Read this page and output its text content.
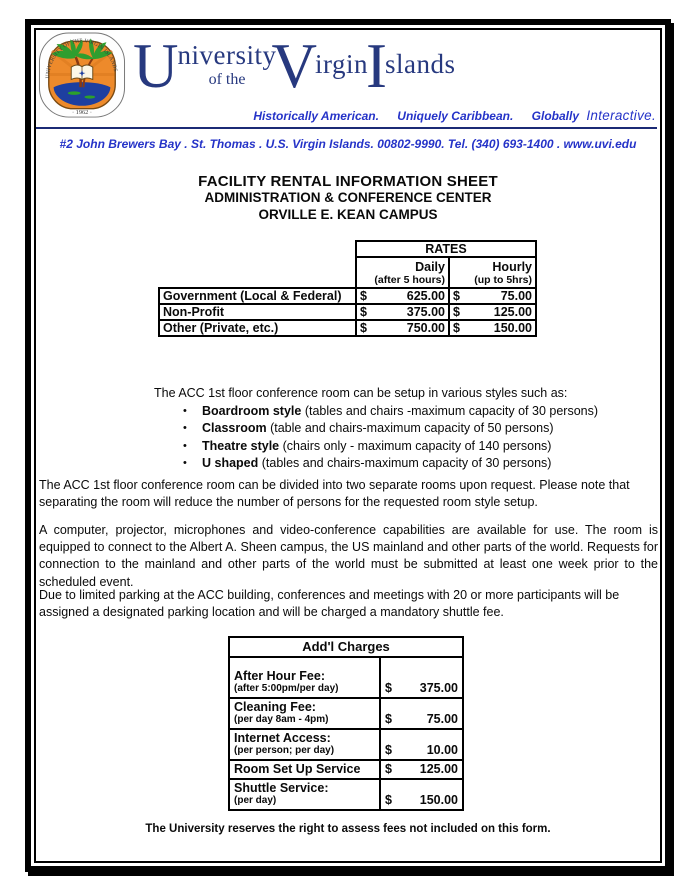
UNIVERSITY OF THE VIRGIN ISLANDS
· 1962 ·
U niversity
of the V
irgin
I
slands
Historically American. Uniquely Caribbean. Globally Interactive.
#2 John Brewers Bay . St. Thomas . U.S. Virgin Islands. 00802-9990. Tel. (340) 693-1400 . www.uvi.edu
FACILITY RENTAL INFORMATION SHEET
ADMINISTRATION & CONFERENCE CENTER
ORVILLE E. KEAN CAMPUS
	RATES	

Daily
(after 5 hours)

Hourly
(up to 5hrs)

Government (Local & Federal)	$ 625.00	$ 75.00

Non-Profit	$ 375.00	$ 125.00

Other (Private, etc.)	$ 750.00	$ 150.00
The ACC 1st floor conference room can be setup in various styles such as:
•	Boardroom style (tables and chairs -maximum capacity of 30 persons)
•	Classroom (table and chairs-maximum capacity of 50 persons)
•	Theatre style (chairs only - maximum capacity of 140 persons)
•	U shaped (tables and chairs-maximum capacity of 30 persons)
The ACC 1st floor conference room can be divided into two separate rooms upon request. Please note that separating the room will reduce the number of persons for the requested room style setup.
A computer, projector, microphones and video-conference capabilities are available for use. The room is equipped to connect to the Albert A. Sheen campus, the US mainland and other parts of the world. Requests for connection to the mainland and other parts of the world must be submitted at least one week prior to the scheduled event.
Due to limited parking at the ACC building, conferences and meetings with 20 or more participants will be assigned a designated parking location and will be charged a mandatory shuttle fee.
Add'l Charges	

After Hour Fee:
(after 5:00pm/per day)	$ 375.00

Cleaning Fee:
(per day 8am - 4pm)	$	75.00

Internet Access:
(per person; per day)	$	10.00

Room Set Up Service	$ 125.00

Shuttle Service:
(per day)	$ 150.00
The University reserves the right to assess fees not included on this form.
